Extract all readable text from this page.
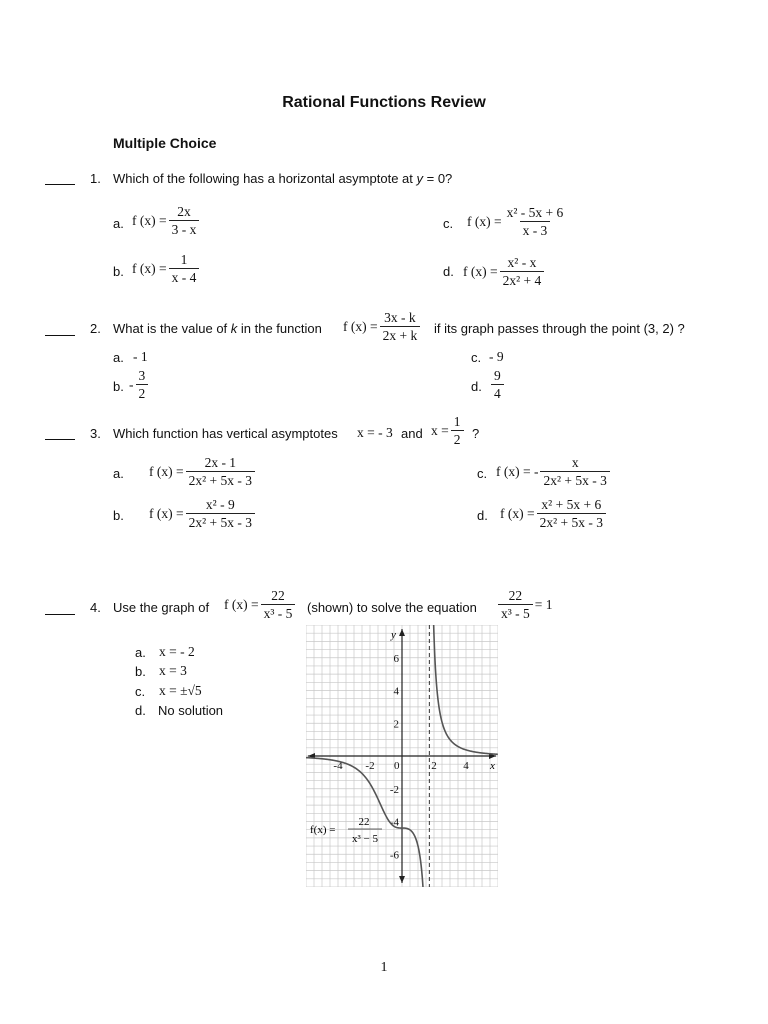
Rational Functions Review
Multiple Choice
1. Which of the following has a horizontal asymptote at y = 0?
a. f $(x) = \frac{2x}{3 - x}$
b. f $(x) = \frac{1}{x - 4}$
c. f $(x) = \frac{\text{x² - 5x + 6}}{x - 3}$
d. f $(x) = \frac{\text{x² - x}}{\text{2x² + 4}}$
2. What is the value of k in the function f $(x) = \frac{3x - k}{2x + k}$ if its graph passes through the point (3, 2) ?
a. - 1
b. - $\frac{3}{2}$
c. - 9
d. $\frac{9}{4}$
3. Which function has vertical asymptotes x = - 3 and $x = \frac{1}{2}$ ?
a. f $(x) = \frac{2x - 1}{\text{2x² + 5x - 3}}$
b. f $(x) = \frac{\text{x² - 9}}{\text{2x² + 5x - 3}}$
c. f (x) = - $\frac{x}{\text{2x² + 5x - 3}}$
d. f $(x) = \frac{\text{x² + 5x + 6}}{\text{2x² + 5x - 3}}$
4. Use the graph of f $(x) = \frac{22}{\text{x³ - 5}}$ (shown) to solve the equation $\frac{22}{\text{x³ - 5}} = 1$
a. x = - 2
b. x = 3
c. x = ±√5
d. No solution
x
y
-4 -2 0	2 4
6
4
2
-2
-4
-6
f(x) =
22
x³ − 5
1
